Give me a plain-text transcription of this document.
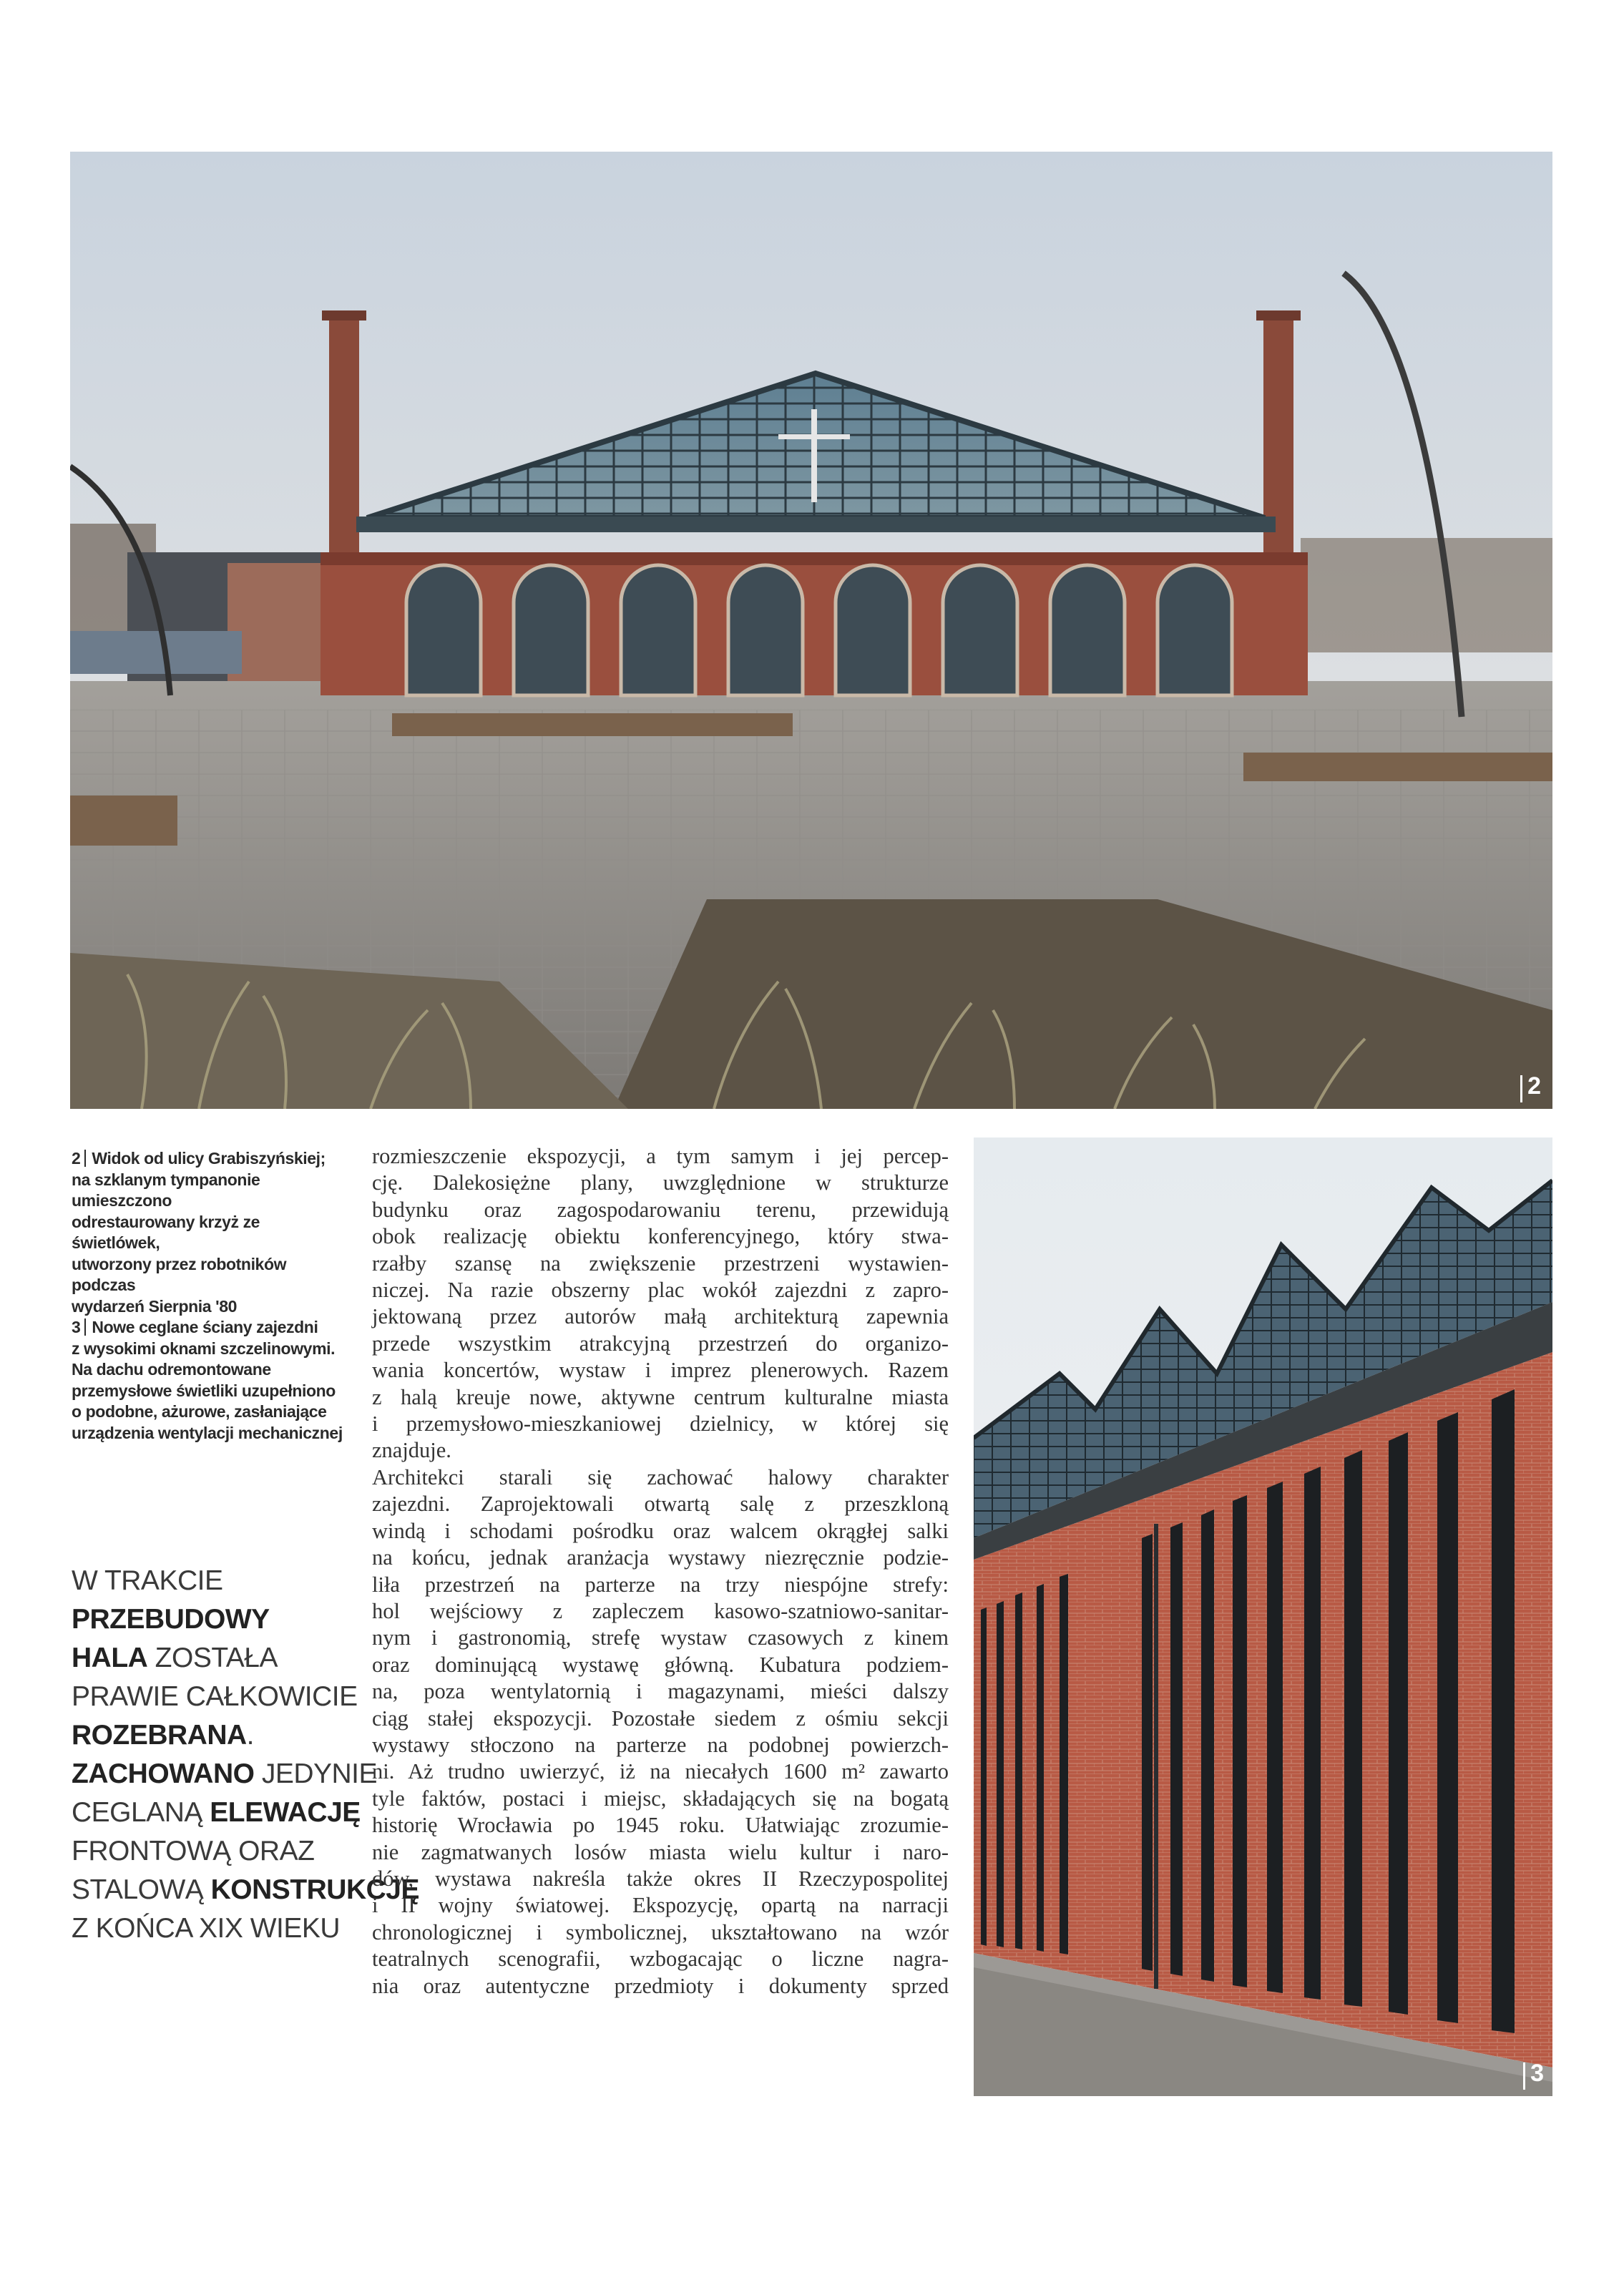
2
3

2 Widok od ulicy Grabiszyńskiej;
na szklanym tympanonie umieszczono
odrestaurowany krzyż ze świetlówek,
utworzony przez robotników podczas
wydarzeń Sierpnia '80

3 Nowe ceglane ściany zajezdni
z wysokimi oknami szczelinowymi.
Na dachu odremontowane
przemysłowe świetliki uzupełniono
o podobne, ażurowe, zasłaniające
urządzenia wentylacji mechanicznej

W TRAKCIE
PRZEBUDOWY
HALA ZOSTAŁA
PRAWIE CAŁKOWICIE
ROZEBRANA.
ZACHOWANO JEDYNIE
CEGLANĄ ELEWACJĘ
FRONTOWĄ ORAZ
STALOWĄ KONSTRUKCJĘ
Z KOŃCA XIX WIEKU
rozmieszczenie ekspozycji, a tym samym i jej percep-
cję. Dalekosiężne plany, uwzględnione w strukturze
budynku oraz zagospodarowaniu terenu, przewidują
obok realizację obiektu konferencyjnego, który stwa-
rzałby szansę na zwiększenie przestrzeni wystawien-
niczej. Na razie obszerny plac wokół zajezdni z zapro-
jektowaną przez autorów małą architekturą zapewnia
przede wszystkim atrakcyjną przestrzeń do organizo-
wania koncertów, wystaw i imprez plenerowych. Razem
z halą kreuje nowe, aktywne centrum kulturalne miasta
i przemysłowo-mieszkaniowej dzielnicy, w której się
znajduje.
Architekci starali się zachować halowy charakter
zajezdni. Zaprojektowali otwartą salę z przeszkloną
windą i schodami pośrodku oraz walcem okrągłej salki
na końcu, jednak aranżacja wystawy niezręcznie podzie-
liła przestrzeń na parterze na trzy niespójne strefy:
hol wejściowy z zapleczem kasowo-szatniowo-sanitar-
nym i gastronomią, strefę wystaw czasowych z kinem
oraz dominującą wystawę główną. Kubatura podziem-
na, poza wentylatornią i magazynami, mieści dalszy
ciąg stałej ekspozycji. Pozostałe siedem z ośmiu sekcji
wystawy stłoczono na parterze na podobnej powierzch-
ni. Aż trudno uwierzyć, iż na niecałych 1600 m² zawarto
tyle faktów, postaci i miejsc, składających się na bogatą
historię Wrocławia po 1945 roku. Ułatwiając zrozumie-
nie zagmatwanych losów miasta wielu kultur i naro-
dów, wystawa nakreśla także okres II Rzeczypospolitej
i II wojny światowej. Ekspozycję, opartą na narracji
chronologicznej i symbolicznej, ukształtowano na wzór
teatralnych scenografii, wzbogacając o liczne nagra-
nia oraz autentyczne przedmioty i dokumenty sprzed
